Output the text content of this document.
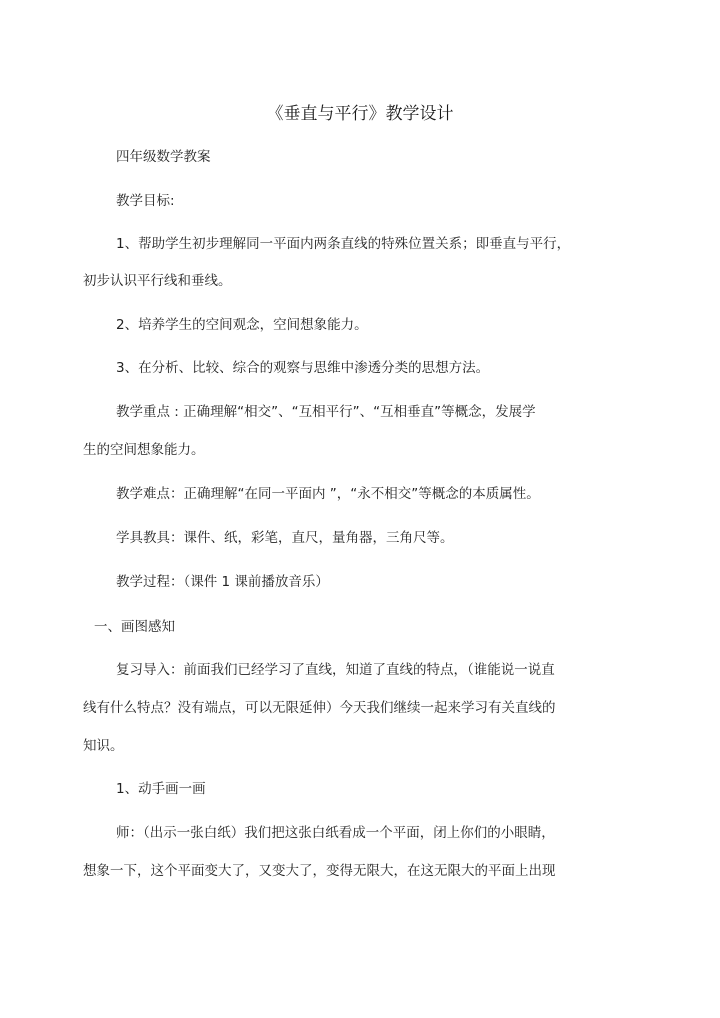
《垂直与平行》教学设计
四年级数学教案
教学目标:
1、帮助学生初步理解同一平面内两条直线的特殊位置关系；即垂直与平行，
初步认识平行线和垂线。
2、培养学生的空间观念，空间想象能力。
3、在分析、比较、综合的观察与思维中渗透分类的思想方法。
教学重点 : 正确理解“相交”、“互相平行”、“互相垂直”等概念，发展学
生的空间想象能力。
教学难点：正确理解“在同一平面内 ”，“永不相交”等概念的本质属性。
学具教具：课件、纸，彩笔，直尺，量角器，三角尺等。
教学过程：（课件 1 课前播放音乐）
一、画图感知
复习导入：前面我们已经学习了直线，知道了直线的特点，（谁能说一说直
线有什么特点？没有端点，可以无限延伸）今天我们继续一起来学习有关直线的
知识。
1、动手画一画
师：（出示一张白纸）我们把这张白纸看成一个平面，闭上你们的小眼睛，
想象一下，这个平面变大了，又变大了，变得无限大，在这无限大的平面上出现
